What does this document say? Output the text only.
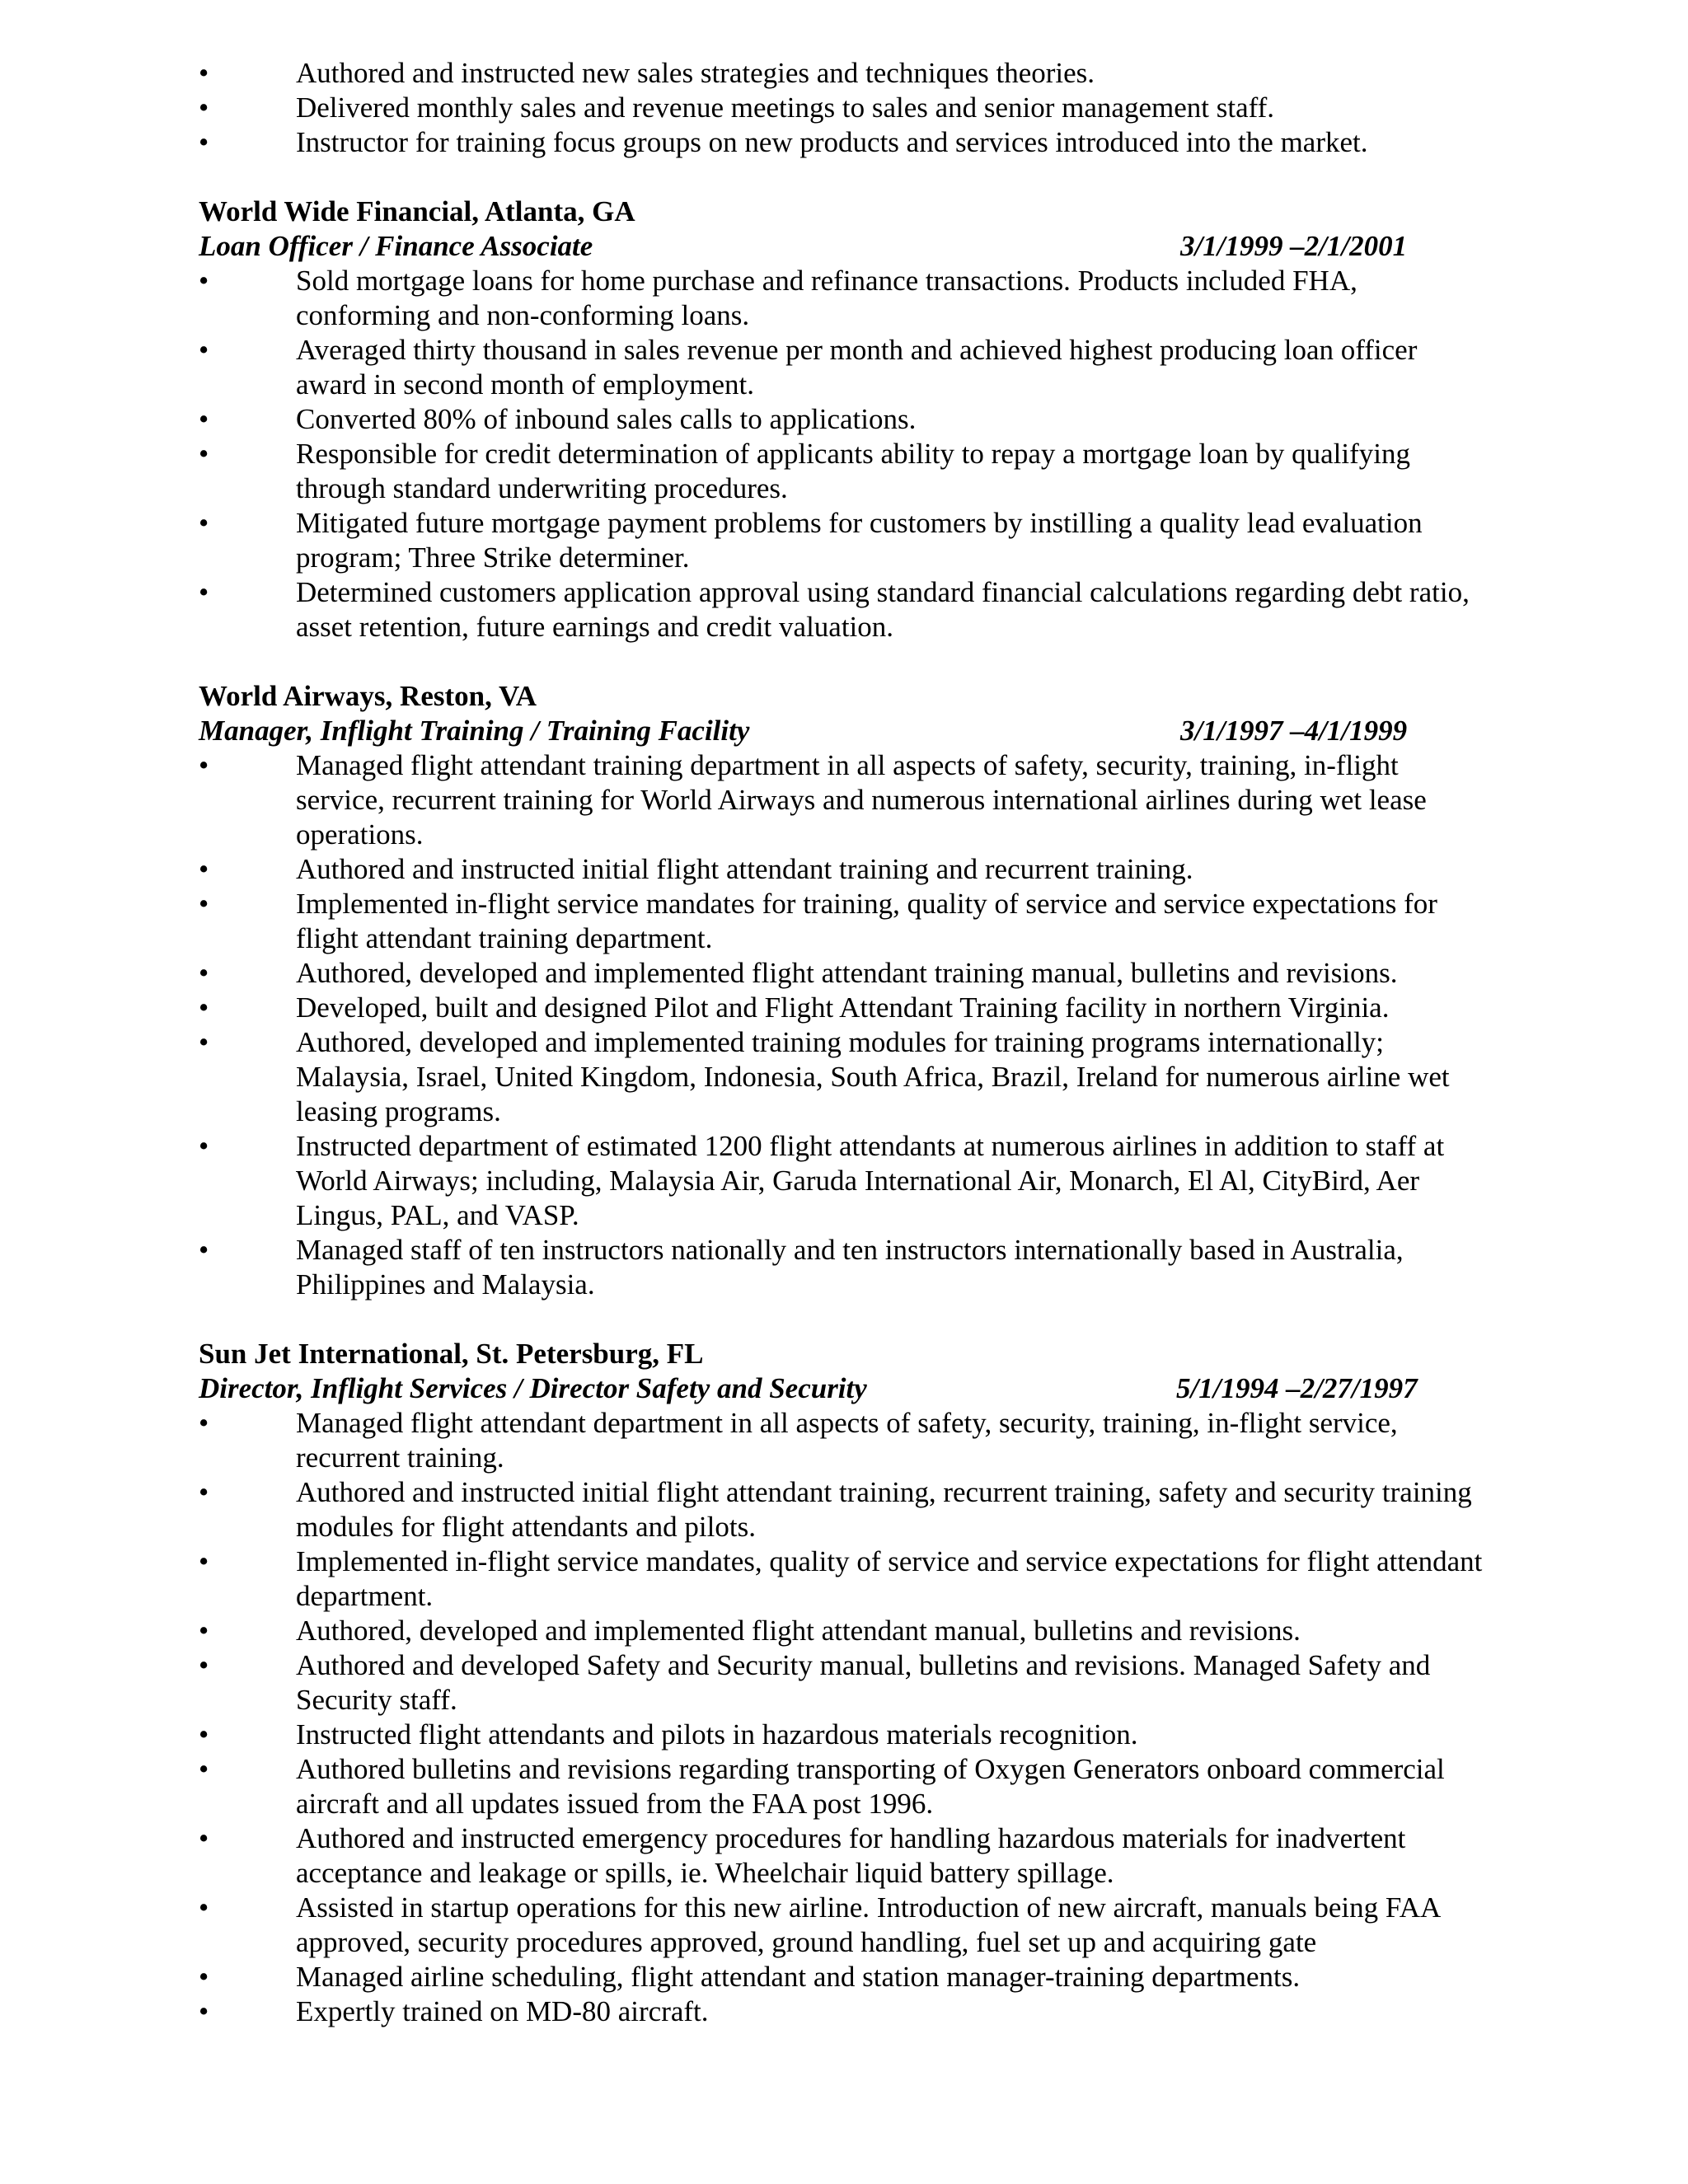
•	Authored and instructed new sales strategies and techniques theories.
•	Delivered monthly sales and revenue meetings to sales and senior management staff.
•	Instructor for training focus groups on new products and services introduced into the market.
World Wide Financial, Atlanta, GA
Loan Officer / Finance Associate	3/1/1999 –2/1/2001
•	Sold mortgage loans for home purchase and refinance transactions. Products included FHA, conforming and non-conforming loans.
•	Averaged thirty thousand in sales revenue per month and achieved highest producing loan officer award in second month of employment.
•	Converted 80% of inbound sales calls to applications.
•	Responsible for credit determination of applicants ability to repay a mortgage loan by qualifying through standard underwriting procedures.
•	Mitigated future mortgage payment problems for customers by instilling a quality lead evaluation program; Three Strike determiner.
•	Determined customers application approval using standard financial calculations regarding debt ratio, asset retention, future earnings and credit valuation.
World Airways, Reston, VA
Manager, Inflight Training / Training Facility	3/1/1997 –4/1/1999
•	Managed flight attendant training department in all aspects of safety, security, training, in-flight service, recurrent training for World Airways and numerous international airlines during wet lease operations.
•	Authored and instructed initial flight attendant training and recurrent training.
•	Implemented in-flight service mandates for training, quality of service and service expectations for flight attendant training department.
•	Authored, developed and implemented flight attendant training manual, bulletins and revisions.
•	Developed, built and designed Pilot and Flight Attendant Training facility in northern Virginia.
•	Authored, developed and implemented training modules for training programs internationally; Malaysia, Israel, United Kingdom, Indonesia, South Africa, Brazil, Ireland for numerous airline wet leasing programs.
•	Instructed department of estimated 1200 flight attendants at numerous airlines in addition to staff at World Airways; including, Malaysia Air, Garuda International Air, Monarch, El Al, CityBird, Aer Lingus, PAL, and VASP.
•	Managed staff of ten instructors nationally and ten instructors internationally based in Australia, Philippines and Malaysia.
Sun Jet International, St. Petersburg, FL
Director, Inflight Services / Director Safety and Security	5/1/1994 –2/27/1997
•	Managed flight attendant department in all aspects of safety, security, training, in-flight service, recurrent training.
•	Authored and instructed initial flight attendant training, recurrent training, safety and security training modules for flight attendants and pilots.
•	Implemented in-flight service mandates, quality of service and service expectations for flight attendant department.
•	Authored, developed and implemented flight attendant manual, bulletins and revisions.
•	Authored and developed Safety and Security manual, bulletins and revisions. Managed Safety and Security staff.
•	Instructed flight attendants and pilots in hazardous materials recognition.
•	Authored bulletins and revisions regarding transporting of Oxygen Generators onboard commercial aircraft and all updates issued from the FAA post 1996.
•	Authored and instructed emergency procedures for handling hazardous materials for inadvertent acceptance and leakage or spills, ie. Wheelchair liquid battery spillage.
•	Assisted in startup operations for this new airline. Introduction of new aircraft, manuals being FAA approved, security procedures approved, ground handling, fuel set up and acquiring gate
•	Managed airline scheduling, flight attendant and station manager-training departments.
•	Expertly trained on MD-80 aircraft.
